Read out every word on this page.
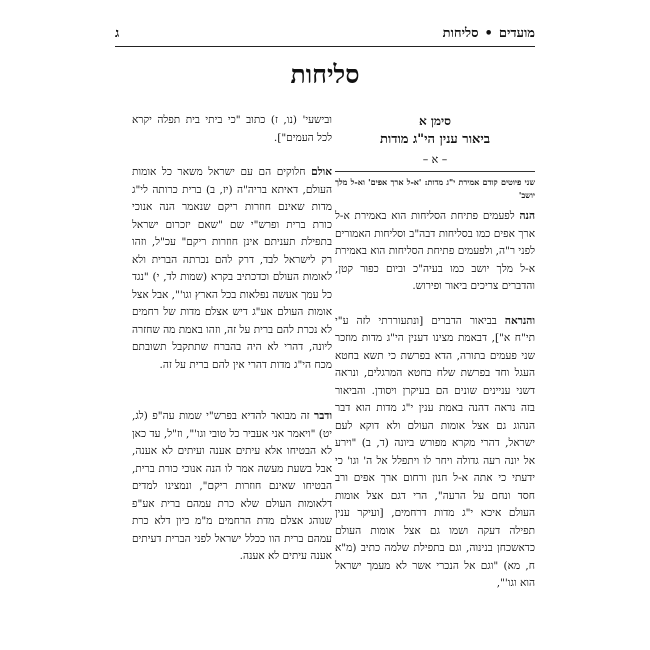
מועדים
•
סליחות
ג
סליחות
סימן א
ביאור ענין הי"ג מודות
– א –
שני פיוטים קודם אמירת י"ג מדות: 'א-ל ארך אפים' וא-ל מלך יושב'

הנה לפעמים פתיחת הסליחות הוא באמירת א-ל ארך אפים כמו בסליחות דבה"ב וסליחות האמורים לפני ר"ה, ולפעמים פתיחת הסליחות הוא באמירת א-ל מלך יושב כמו בעיה"כ וביום כפור קטן, והדברים צריכים ביאור ופירוש.

והנראה בביאור הדברים [ונתעוררתי לזה ע"י תי"ח א"], דבאמת מצינו דענין הי"ג מדות מוזכר שני פעמים בתורה, הדא בפרשת כי תשא בחטא העגל וחד בפרשת שלח בחטא המרגלים, ונראה דשני עניינים שונים הם בעיקרן ויסודן. והביאור בזה נראה דהנה באמת ענין י"ג מדות הוא דבר הנהוג גם אצל אומות העולם ולא דוקא לעם ישראל, דהרי מקרא מפורש ביונה (ד, ב) "וירע אל יונה רעה גדולה ויחר לו ויתפלל אל ה' וגו' כי ידעתי כי אתה א-ל חנון ורחום ארך אפים ורב חסד ונחם על הרעה", הרי דגם אצל אומות העולם איכא י"ג מדות דרחמים, [ועיקר ענין תפילה דעקה ושמו גם אצל אומות העולם כדאשכחן בנינוה, וגם בתפילת שלמה כתיב (מ"א ח, מא) "וגם אל הנכרי אשר לא מעמך ישראל הוא וגו'",

ובישעי' (נו, ז) כתוב "כי ביתי בית תפלה יקרא לכל העמים"].

אולם חלוקים הם עם ישראל משאר כל אומות העולם, דאיתא בריה"ה (יז, ב) ברית כרותה לי"ג מדות שאינם חוזרות ריקם שנאמר הנה אנוכי כורת ברית ופרש"י שם "שאם יזכרום ישראל בתפילת תעניתם אינן חוזרות ריקם" עכ"ל, וזהו רק לישראל לבד, דרק להם נכרתה הברית ולא לאומות העולם וכדכתיב בקרא (שמות לד, י) "נגד כל עמך אעשה נפלאות בכל הארץ וגו'", אבל אצל אומות העולם אע"ג דיש אצלם מדות של רחמים לא נכרת להם ברית על זה, וזהו באמת מה שחזרה ליונה, דהרי לא היה בהברח שתתקבל תשובתם מכח הי"ג מדות דהרי אין להם ברית על זה.

ודבר זה מבואר להדיא בפרש"י שמות עה"פ (לג, יט) "ויאמר אני אעביר כל טובי וגו'", וז"ל, עד כאן לא הבטיחו אלא עיתים אענה ועיתים לא אענה, אבל בשעת מעשה אמר לו הנה אנוכי כורת ברית, הבטיחו שאינם חוזרות ריקם", ונמצינו למדים דלאומות העולם שלא כרת עמהם ברית אע"פ שנוהג אצלם מדת הרחמים מ"מ כיון דלא כרת עמהם ברית הוו ככלל ישראל לפני הברית דעיתים אענה עיתים לא אענה.
